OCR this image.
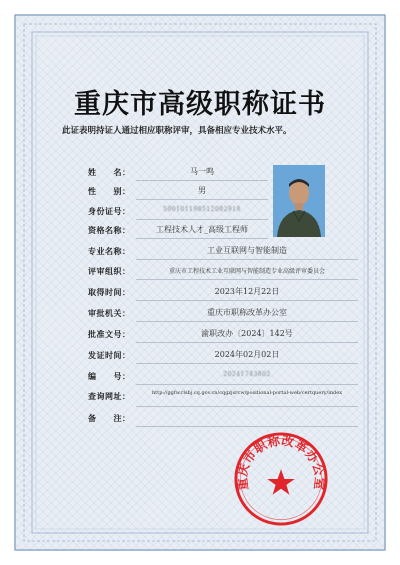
重庆市高级职称证书
此证表明持证人通过相应职称评审，具备相应专业技术水平。
姓　　名：	马一鸣
性　　别：	男
身份证号：	500101198512082918
资格名称：	工程技术人才_高级工程师
专业名称：	工业互联网与智能制造
评审组织：	重庆市工程技术工业互联网与智能制造专业高级评审委员会
取得时间：	2023年12月22日
审批机关：	重庆市职称改革办公室
批准文号：	渝职改办〔2024〕142号
发证时间：	2024年02月02日
编　　号：	20241743802
查询网址：	http://ggfw.rlsbj.cq.gov.cn/cqgzjsrcw/positional-portal-web/certquery/index
备　　注：
重庆市职称改革办公室
